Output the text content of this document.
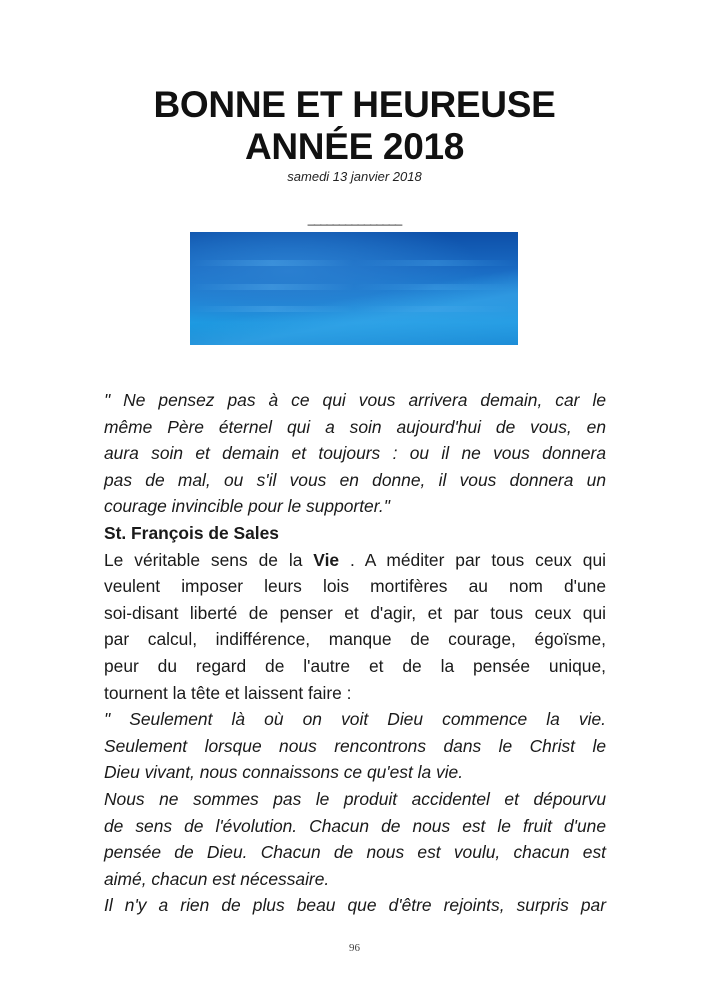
BONNE ET HEUREUSE
ANNÉE 2018
samedi 13 janvier 2018
_______________
" Ne pensez pas à ce qui vous arrivera demain, car le
même Père éternel qui a soin aujourd'hui de vous, en
aura soin et demain et toujours : ou il ne vous donnera
pas de mal, ou s'il vous en donne, il vous donnera un
courage invincible pour le supporter."
St. François de Sales
Le véritable sens de la Vie . A méditer par tous ceux qui
veulent imposer leurs lois mortifères au nom d'une
soi-disant liberté de penser et d'agir, et par tous ceux qui
par calcul, indifférence, manque de courage, égoïsme,
peur du regard de l'autre et de la pensée unique,
tournent la tête et laissent faire :
" Seulement là où on voit Dieu commence la vie.
Seulement lorsque nous rencontrons dans le Christ le
Dieu vivant, nous connaissons ce qu'est la vie.
Nous ne sommes pas le produit accidentel et dépourvu
de sens de l'évolution. Chacun de nous est le fruit d'une
pensée de Dieu. Chacun de nous est voulu, chacun est
aimé, chacun est nécessaire.
Il n'y a rien de plus beau que d'être rejoints, surpris par
96
